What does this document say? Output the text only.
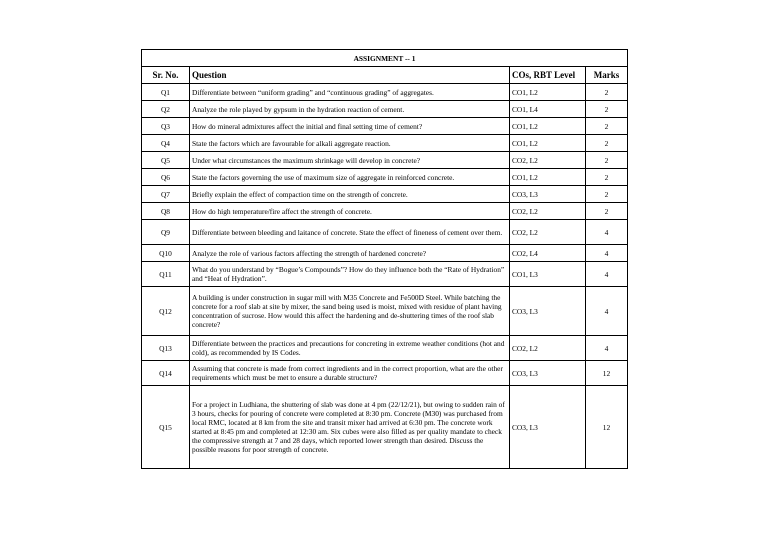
ASSIGNMENT -- 1			
Sr. No.	Question	COs, RBT Level	Marks
Q1	Differentiate between “uniform grading” and “continuous grading” of aggregates.	CO1, L2	2
Q2	Analyze the role played by gypsum in the hydration reaction of cement.	CO1, L4	2
Q3	How do mineral admixtures affect the initial and final setting time of cement?	CO1, L2	2
Q4	State the factors which are favourable for alkali aggregate reaction.	CO1, L2	2
Q5	Under what circumstances the maximum shrinkage will develop in concrete?	CO2, L2	2
Q6	State the factors governing the use of maximum size of aggregate in reinforced concrete.	CO1, L2	2
Q7	Briefly explain the effect of compaction time on the strength of concrete.	CO3, L3	2
Q8	How do high temperature/fire affect the strength of concrete.	CO2, L2	2
Q9	Differentiate between bleeding and laitance of concrete. State the effect of fineness of cement over them.	CO2, L2	4
Q10	Analyze the role of various factors affecting the strength of hardened concrete?	CO2, L4	4
Q11	What do you understand by “Bogue’s Compounds”? How do they influence both the “Rate of Hydration” and “Heat of Hydration”.	CO1, L3	4
Q12	A building is under construction in sugar mill with M35 Concrete and Fe500D Steel. While batching the concrete for a roof slab at site by mixer, the sand being used is moist, mixed with residue of plant having concentration of sucrose. How would this affect the hardening and de-shuttering times of the roof slab concrete?	CO3, L3	4
Q13	Differentiate between the practices and precautions for concreting in extreme weather conditions (hot and cold), as recommended by IS Codes.	CO2, L2	4
Q14	Assuming that concrete is made from correct ingredients and in the correct proportion, what are the other requirements which must be met to ensure a durable structure?	CO3, L3	12
Q15	For a project in Ludhiana, the shuttering of slab was done at 4 pm (22/12/21), but owing to sudden rain of 3 hours, checks for pouring of concrete were completed at 8:30 pm. Concrete (M30) was purchased from local RMC, located at 8 km from the site and transit mixer had arrived at 6:30 pm. The concrete work started at 8:45 pm and completed at 12:30 am. Six cubes were also filled as per quality mandate to check the compressive strength at 7 and 28 days, which reported lower strength than desired. Discuss the possible reasons for poor strength of concrete.	CO3, L3	12
